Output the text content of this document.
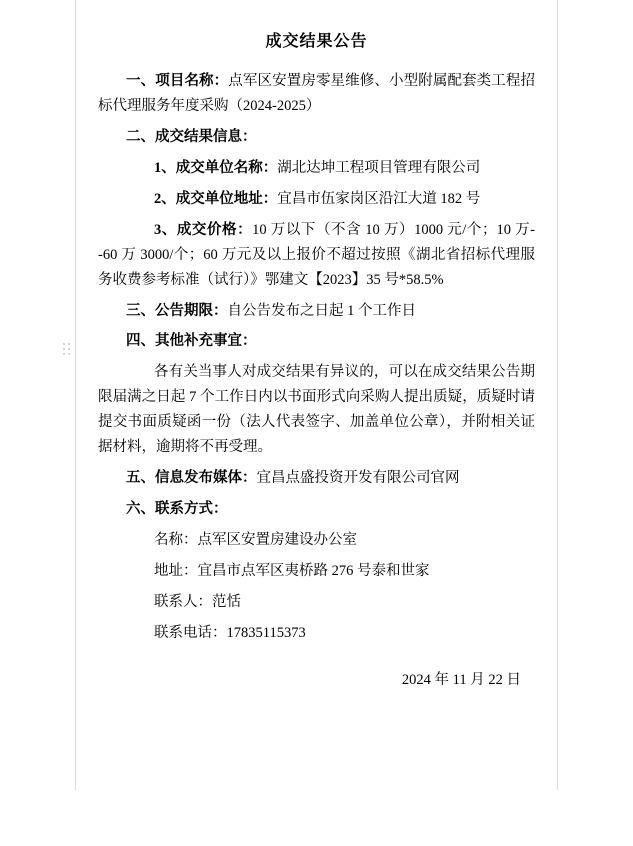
成交结果公告

一、项目名称：点军区安置房零星维修、小型附属配套类工程招标代理服务年度采购（2024-2025）

二、成交结果信息：

1、成交单位名称：湖北达坤工程项目管理有限公司

2、成交单位地址：宜昌市伍家岗区沿江大道 182 号

3、成交价格：10 万以下（不含 10 万）1000 元/个；10 万--60 万 3000/个；60 万元及以上报价不超过按照《湖北省招标代理服务收费参考标准（试行）》鄂建文【2023】35 号*58.5%

三、公告期限：自公告发布之日起 1 个工作日

四、其他补充事宜：

各有关当事人对成交结果有异议的，可以在成交结果公告期限届满之日起 7 个工作日内以书面形式向采购人提出质疑，质疑时请提交书面质疑函一份（法人代表签字、加盖单位公章），并附相关证据材料，逾期将不再受理。

五、信息发布媒体：宜昌点盛投资开发有限公司官网

六、联系方式：

名称：点军区安置房建设办公室

地址：宜昌市点军区夷桥路 276 号泰和世家

联系人：范恬

联系电话：17835115373

2024 年 11 月 22 日
